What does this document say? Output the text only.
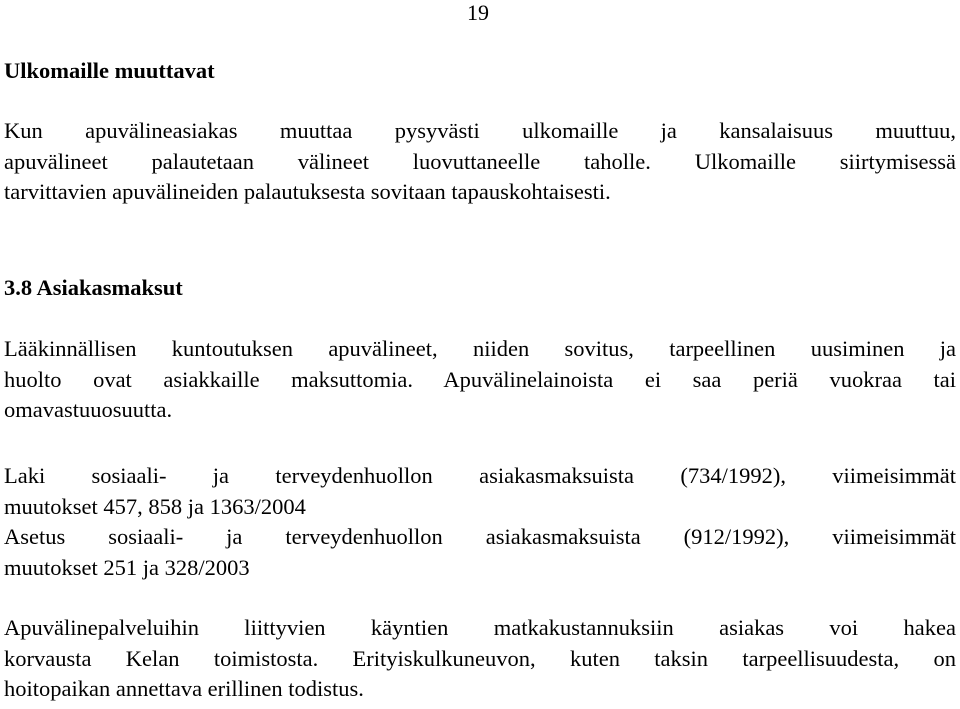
19
Ulkomaille muuttavat
Kun apuvälineasiakas muuttaa pysyvästi ulkomaille ja kansalaisuus muuttuu,
apuvälineet palautetaan välineet luovuttaneelle taholle. Ulkomaille siirtymisessä
tarvittavien apuvälineiden palautuksesta sovitaan tapauskohtaisesti.
3.8 Asiakasmaksut
Lääkinnällisen kuntoutuksen apuvälineet, niiden sovitus, tarpeellinen uusiminen ja
huolto ovat asiakkaille maksuttomia. Apuvälinelainoista ei saa periä vuokraa tai
omavastuuosuutta.
Laki sosiaali- ja terveydenhuollon asiakasmaksuista (734/1992), viimeisimmät
muutokset 457, 858 ja 1363/2004
Asetus sosiaali- ja terveydenhuollon asiakasmaksuista (912/1992), viimeisimmät
muutokset 251 ja 328/2003
Apuvälinepalveluihin liittyvien käyntien matkakustannuksiin asiakas voi hakea
korvausta Kelan toimistosta. Erityiskulkuneuvon, kuten taksin tarpeellisuudesta, on
hoitopaikan annettava erillinen todistus.
